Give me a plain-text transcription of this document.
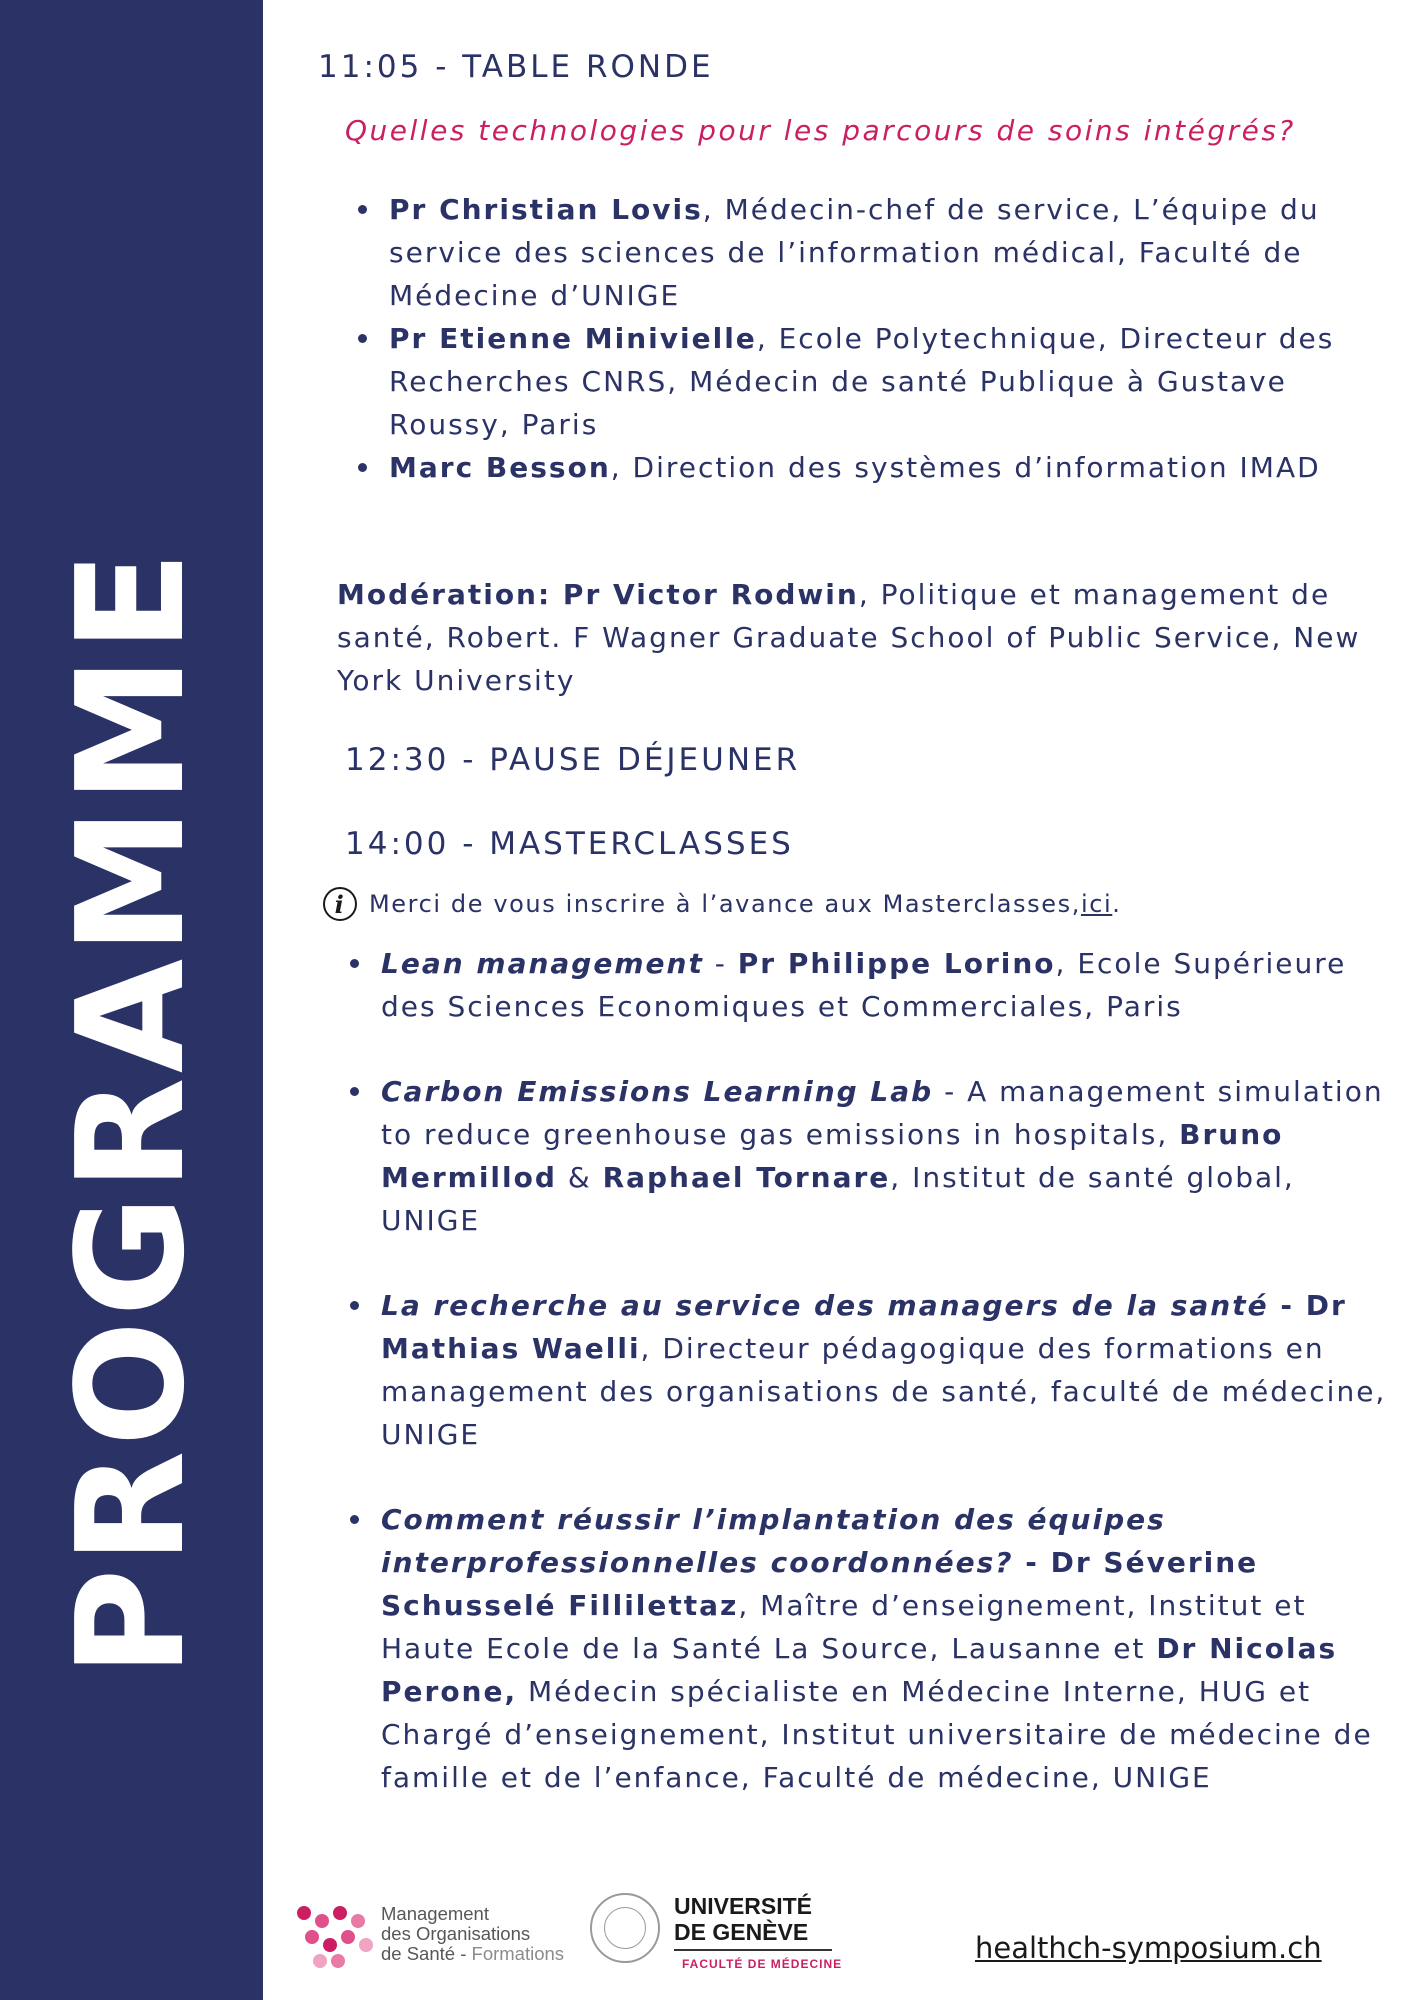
PROGRAMME
11:05 - TABLE RONDE
Quelles technologies pour les parcours de soins intégrés?
Pr Christian Lovis, Médecin-chef de service, L’équipe du service des sciences de l’information médical, Faculté de Médecine d’UNIGE
Pr Etienne Minivielle, Ecole Polytechnique, Directeur des Recherches CNRS, Médecin de santé Publique à Gustave Roussy, Paris
Marc Besson, Direction des systèmes d’information IMAD
Modération: Pr Victor Rodwin, Politique et management de santé, Robert. F Wagner Graduate School of Public Service, New York University
12:30 - PAUSE DÉJEUNER
14:00 - MASTERCLASSES
i Merci de vous inscrire à l’avance aux Masterclasses, ici .
Lean management - Pr Philippe Lorino, Ecole Supérieure des Sciences Economiques et Commerciales, Paris
Carbon Emissions Learning Lab - A management simulation to reduce greenhouse gas emissions in hospitals, Bruno Mermillod & Raphael Tornare, Institut de santé global, UNIGE
La recherche au service des managers de la santé - Dr Mathias Waelli, Directeur pédagogique des formations en management des organisations de santé, faculté de médecine, UNIGE
Comment réussir l’implantation des équipes interprofessionnelles coordonnées? - Dr Séverine Schusselé Fillilettaz, Maître d’enseignement, Institut et Haute Ecole de la Santé La Source, Lausanne et Dr Nicolas Perone, Médecin spécialiste en Médecine Interne, HUG et Chargé d’enseignement, Institut universitaire de médecine de famille et de l’enfance, Faculté de médecine, UNIGE
Management
des Organisations
de Santé - Formations
UNIVERSITÉ
DE GENÈVE
FACULTÉ DE MÉDECINE	healthch-symposium.ch
